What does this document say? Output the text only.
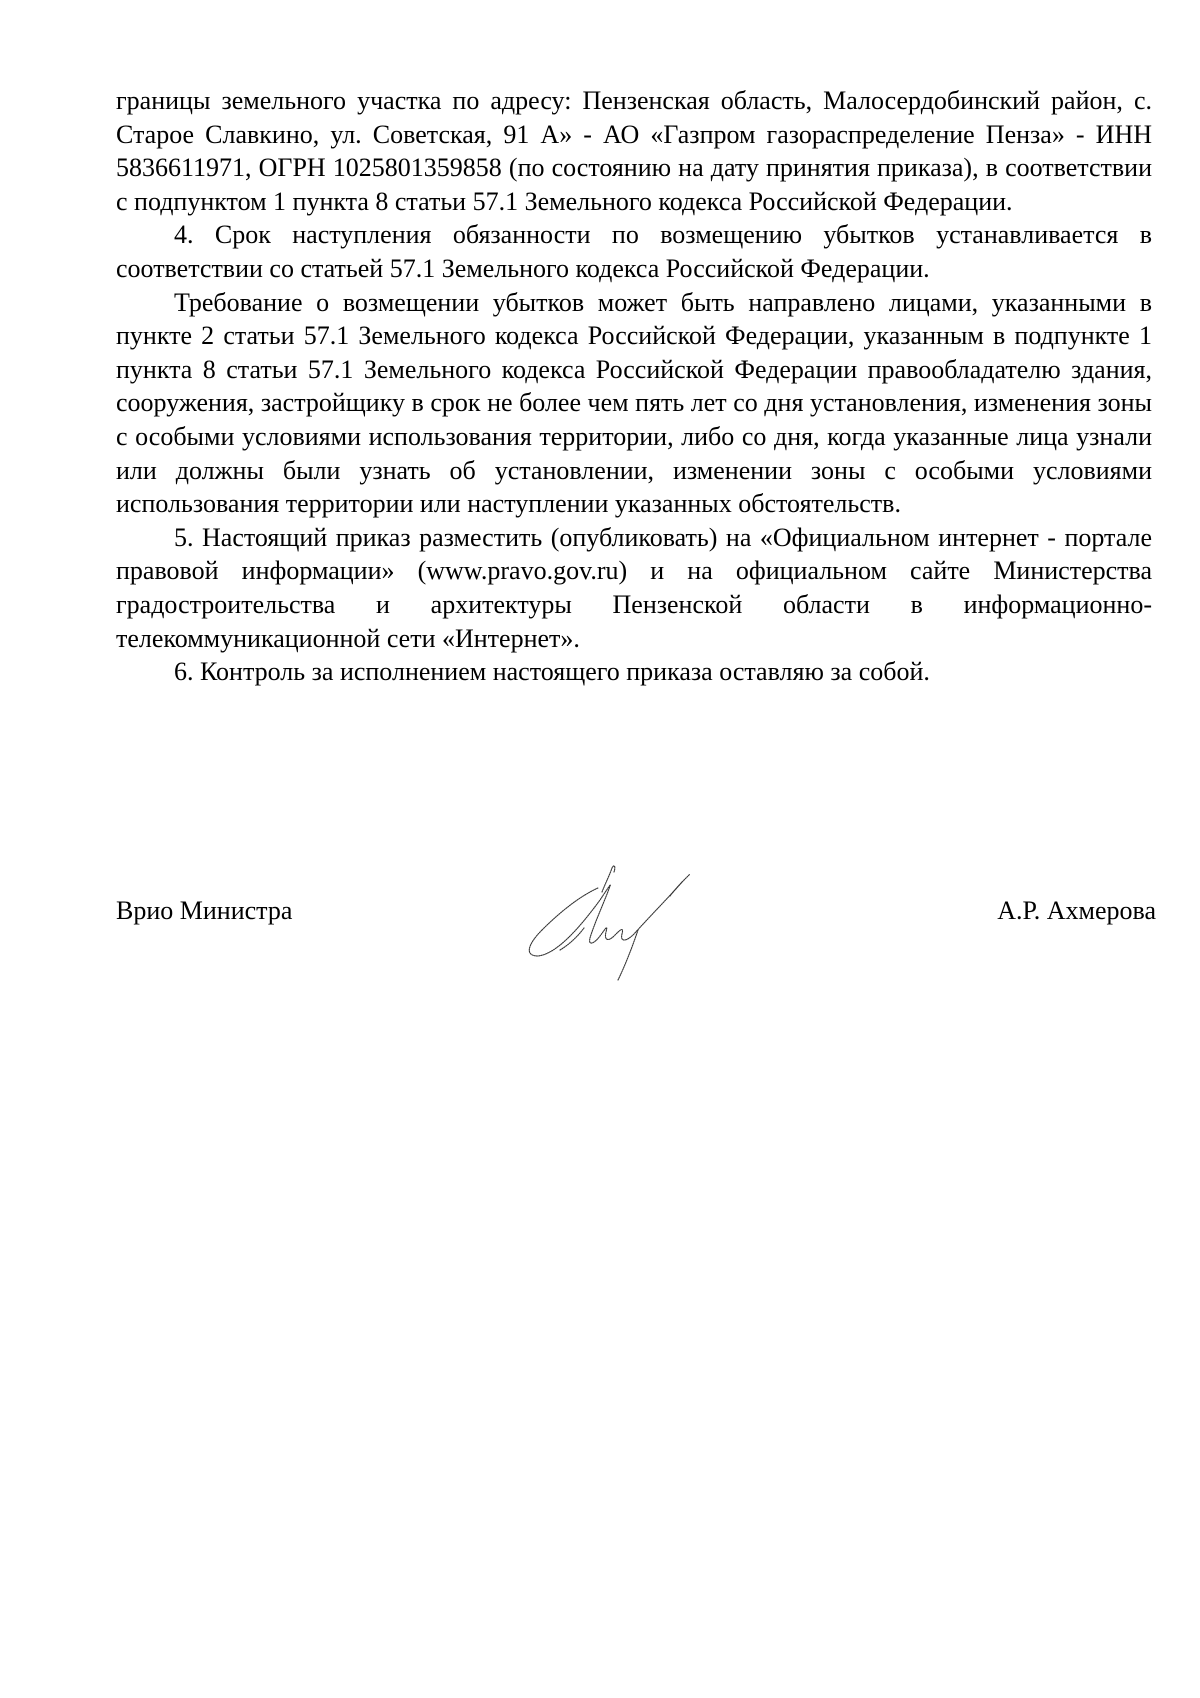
границы земельного участка по адресу: Пензенская область, Малосердобинский район, с. Старое Славкино, ул. Советская, 91 А» - АО «Газпром газораспределение Пенза» - ИНН 5836611971, ОГРН 1025801359858 (по состоянию на дату принятия приказа), в соответствии с подпунктом 1 пункта 8 статьи 57.1 Земельного кодекса Российской Федерации.

4. Срок наступления обязанности по возмещению убытков устанавливается в соответствии со статьей 57.1 Земельного кодекса Российской Федерации.

Требование о возмещении убытков может быть направлено лицами, указанными в пункте 2 статьи 57.1 Земельного кодекса Российской Федерации, указанным в подпункте 1 пункта 8 статьи 57.1 Земельного кодекса Российской Федерации правообладателю здания, сооружения, застройщику в срок не более чем пять лет со дня установления, изменения зоны с особыми условиями использования территории, либо со дня, когда указанные лица узнали или должны были узнать об установлении, изменении зоны с особыми условиями использования территории или наступлении указанных обстоятельств.

5. Настоящий приказ разместить (опубликовать) на «Официальном интернет - портале правовой информации» (www.pravo.gov.ru) и на официальном сайте Министерства градостроительства и архитектуры Пензенской области в информационно-телекоммуникационной сети «Интернет».

6. Контроль за исполнением настоящего приказа оставляю за собой.

Врио Министра	А.Р. Ахмерова
